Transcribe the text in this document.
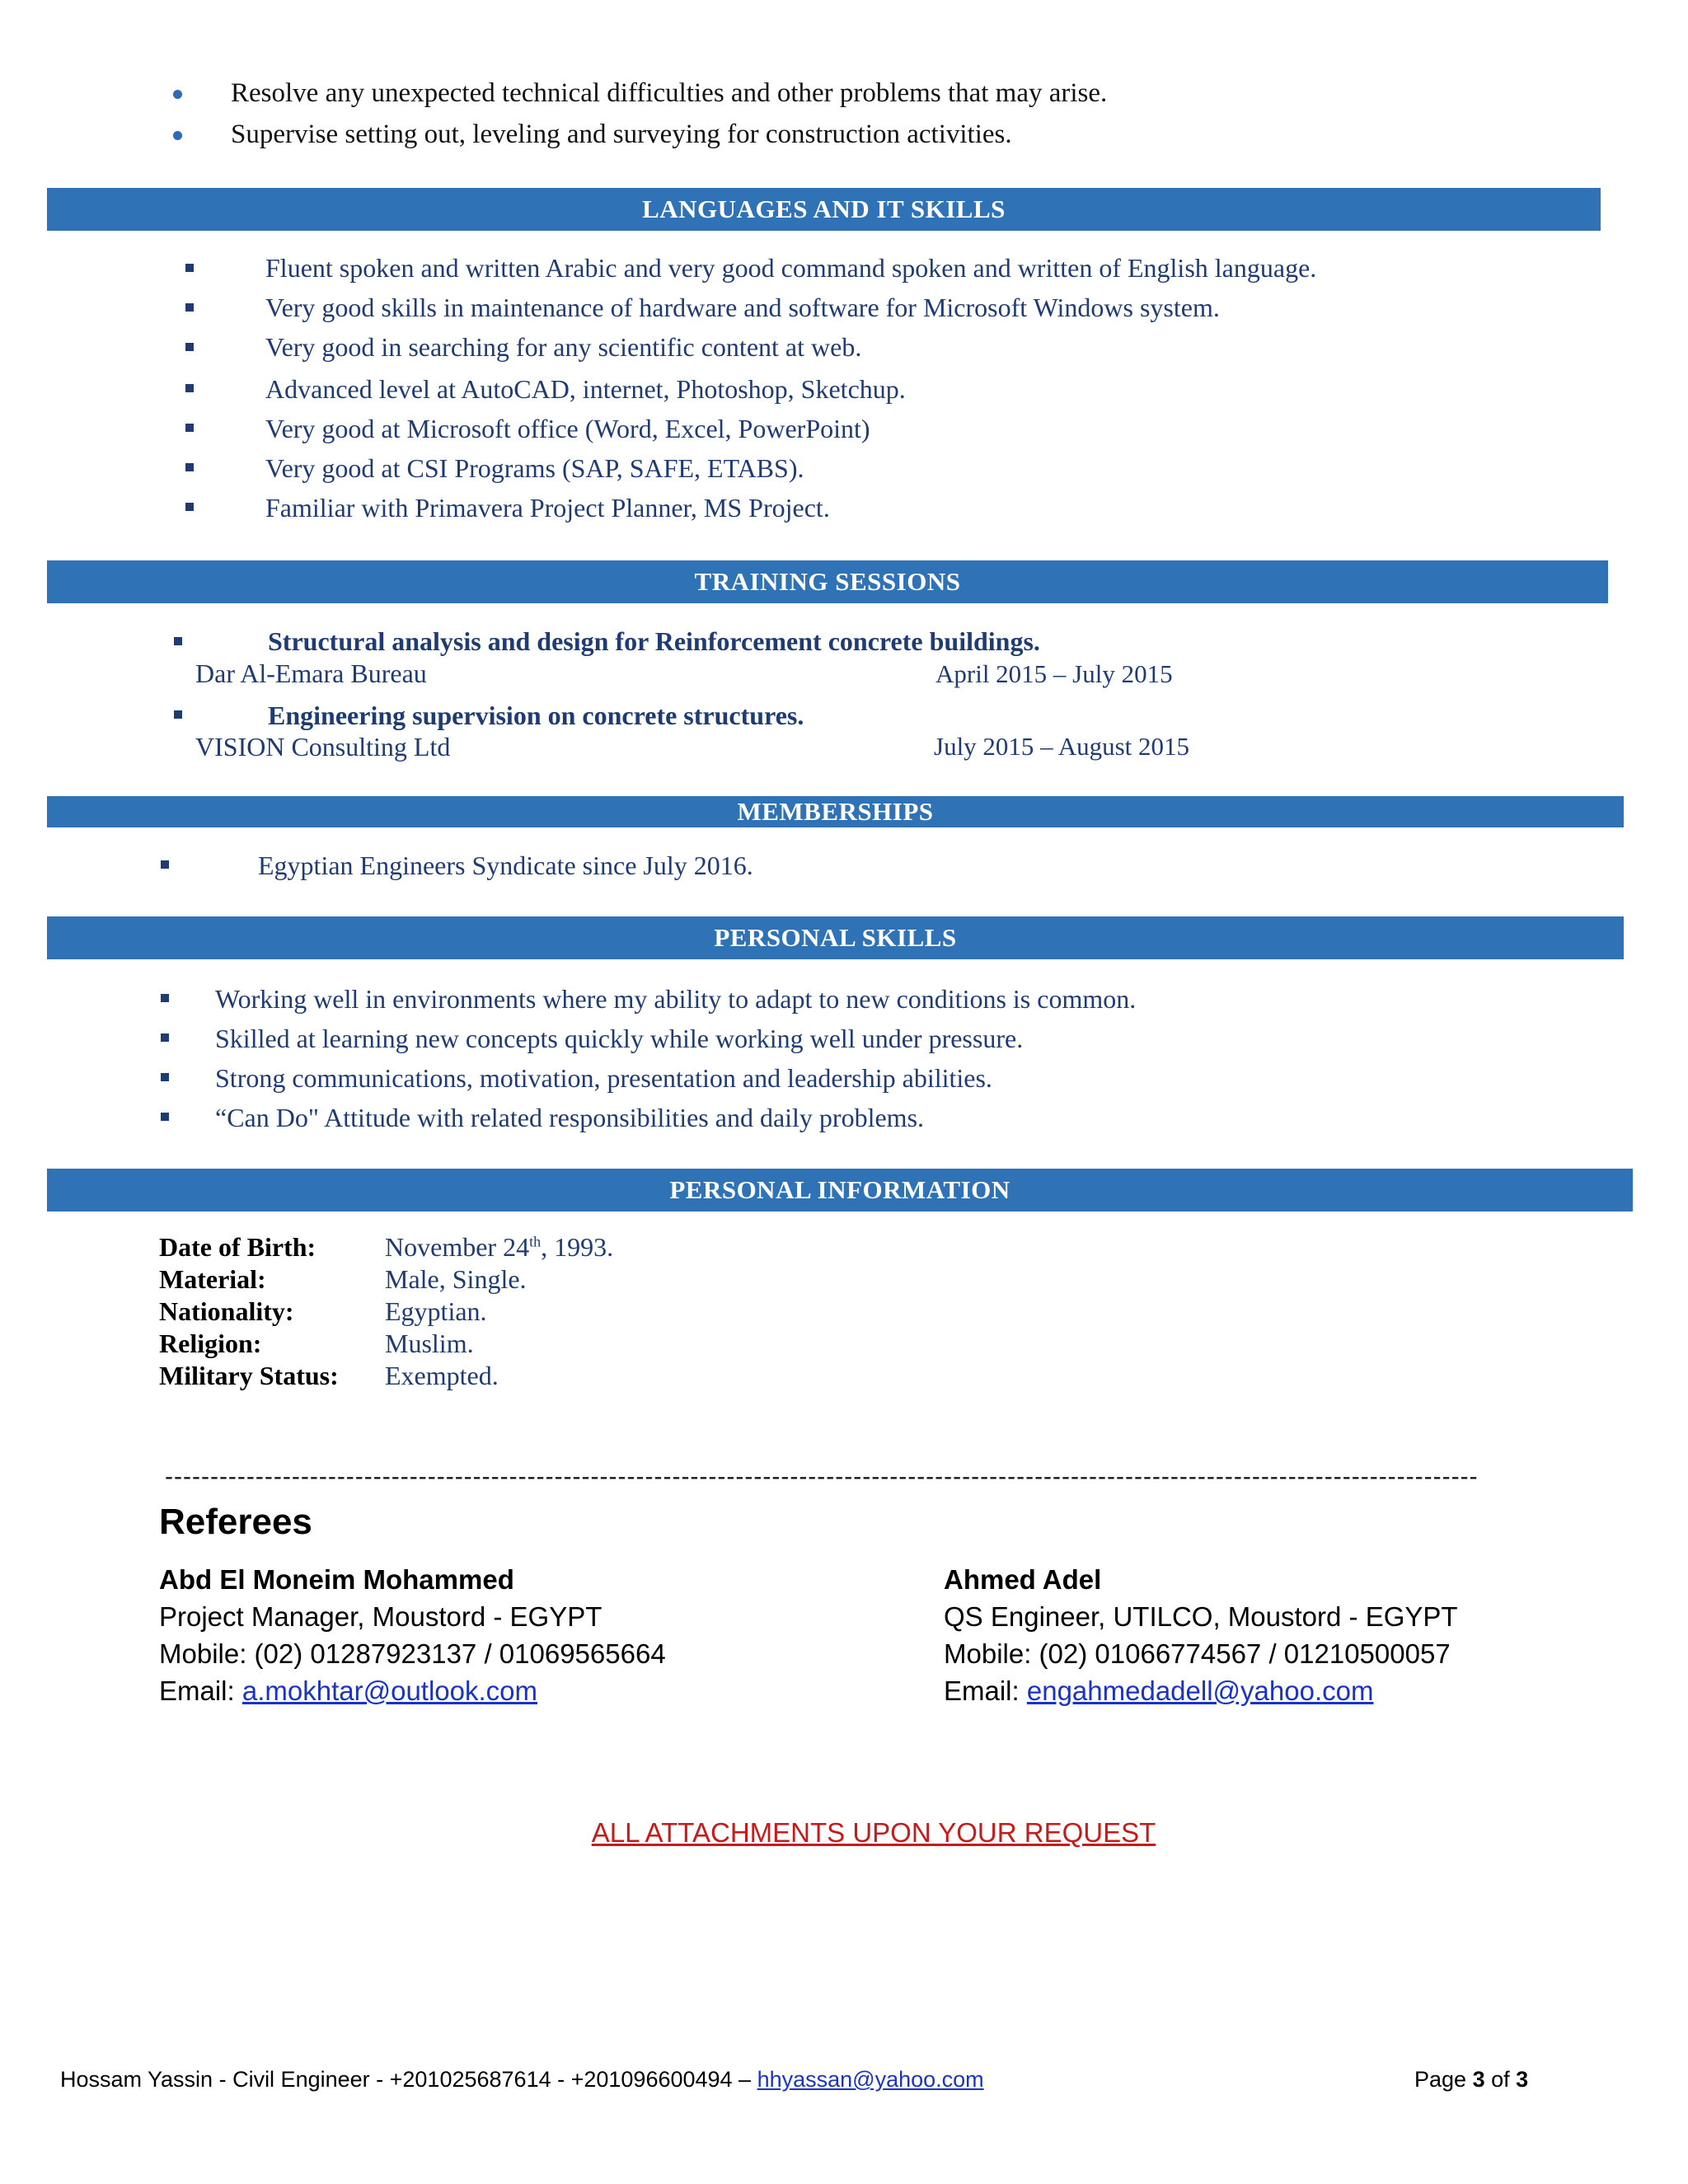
Resolve any unexpected technical difficulties and other problems that may arise.
Supervise setting out, leveling and surveying for construction activities.
LANGUAGES AND IT SKILLS
Fluent spoken and written Arabic and very good command spoken and written of English language.
Very good skills in maintenance of hardware and software for Microsoft Windows system.
Very good in searching for any scientific content at web.
Advanced level at AutoCAD, internet, Photoshop, Sketchup.
Very good at Microsoft office (Word, Excel, PowerPoint)
Very good at CSI Programs (SAP, SAFE, ETABS).
Familiar with Primavera Project Planner, MS Project.
TRAINING SESSIONS
Structural analysis and design for Reinforcement concrete buildings.
Dar Al-Emara Bureau	April 2015 – July 2015
Engineering supervision on concrete structures.
VISION Consulting Ltd	July 2015 – August 2015
MEMBERSHIPS
Egyptian Engineers Syndicate since July 2016.
PERSONAL SKILLS
Working well in environments where my ability to adapt to new conditions is common.
Skilled at learning new concepts quickly while working well under pressure.
Strong communications, motivation, presentation and leadership abilities.
“Can Do" Attitude with related responsibilities and daily problems.
PERSONAL INFORMATION
Date of Birth:	November 24th, 1993.
Material:	Male, Single.
Nationality:	Egyptian.
Religion:	Muslim.
Military Status: Exempted.
-------------------------------------------------------------------------------------------------------------------------------------------------
Referees
Abd El Moneim Mohammed
Project Manager, Moustord - EGYPT
Mobile: (02) 01287923137 / 01069565664
Email: a.mokhtar@outlook.com
Ahmed Adel
QS Engineer, UTILCO, Moustord - EGYPT
Mobile: (02) 01066774567 / 01210500057
Email: engahmedadell@yahoo.com
ALL ATTACHMENTS UPON YOUR REQUEST
Hossam Yassin - Civil Engineer - +201025687614 - +201096600494 – hhyassan@yahoo.com	Page 3 of 3
